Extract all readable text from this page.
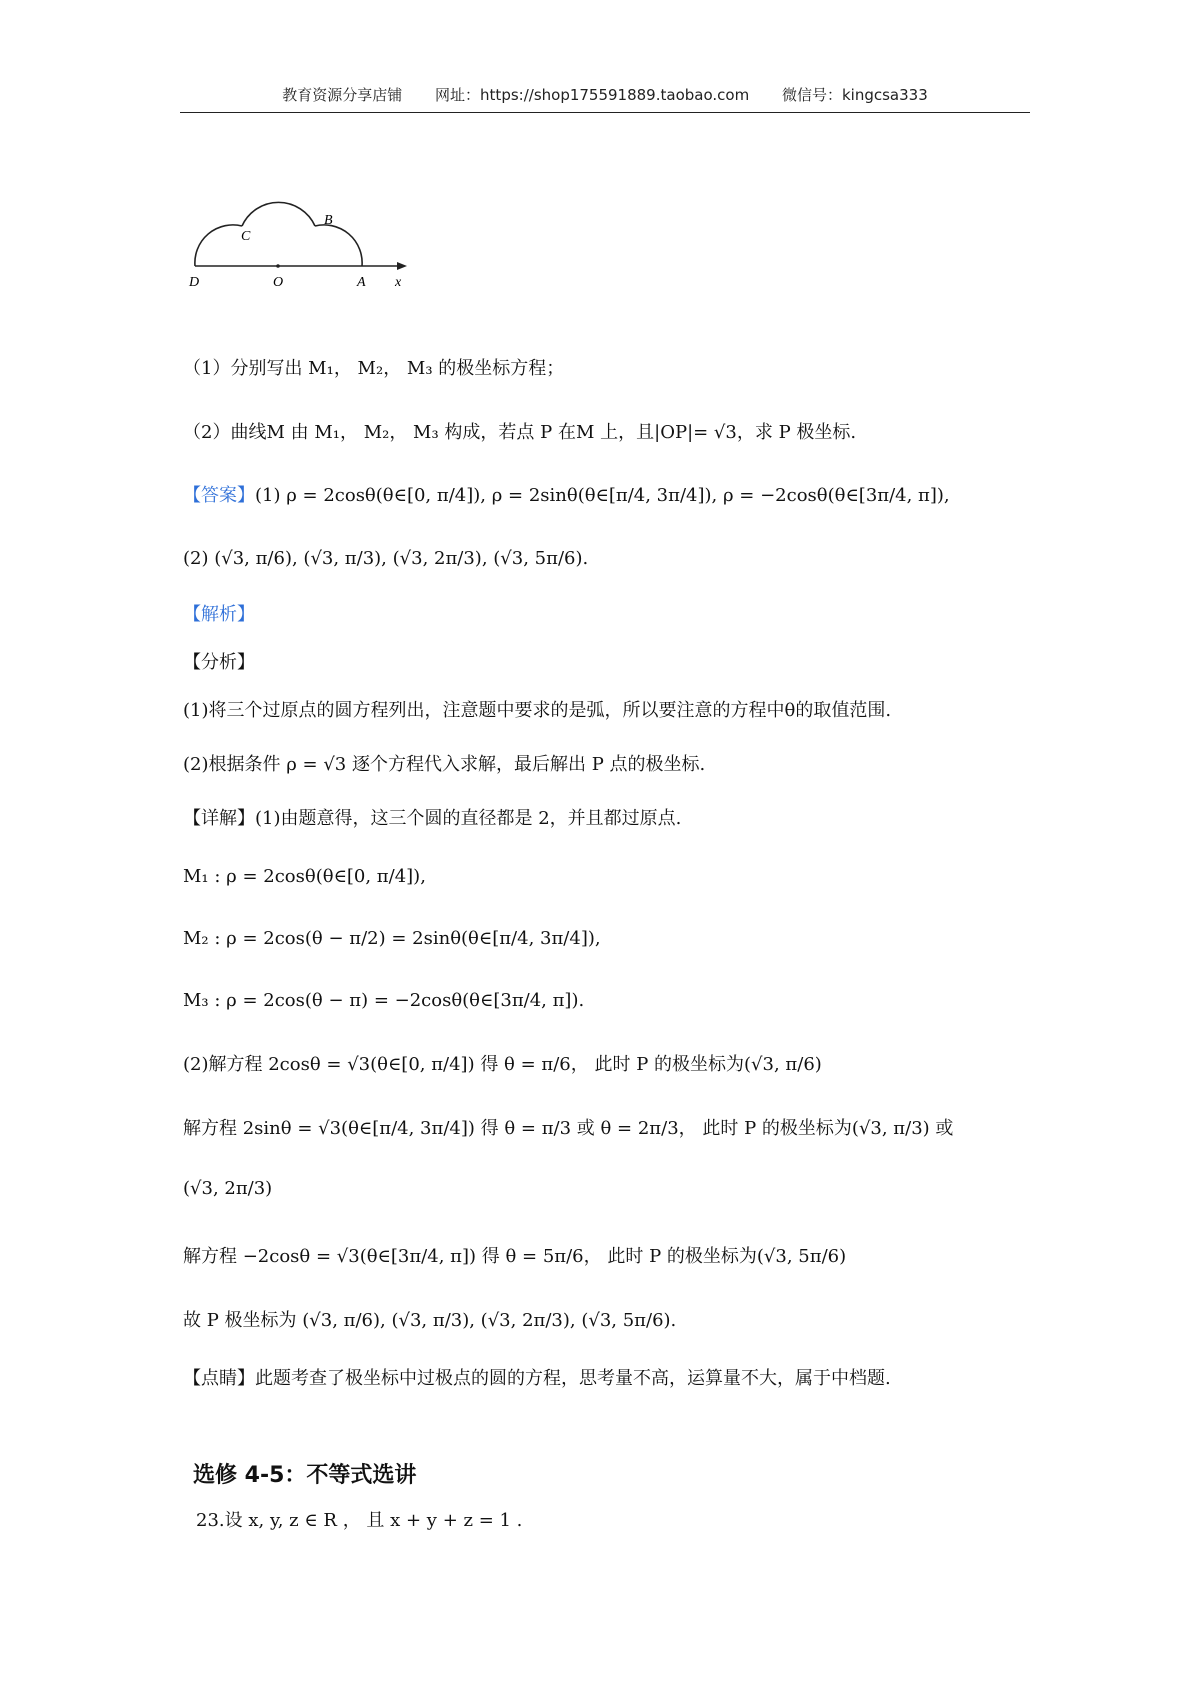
教育资源分享店铺 网址：https://shop175591889.taobao.com 微信号：kingcsa333
D	O	A x
B
C
（1）分别写出 M₁， M₂， M₃ 的极坐标方程；
（2）曲线M 由 M₁， M₂， M₃ 构成，若点 P 在M 上，且|OP|= √3，求 P 极坐标.
【答案】(1) ρ = 2cosθ(θ∈[0, π/4]), ρ = 2sinθ(θ∈[π/4, 3π/4]), ρ = −2cosθ(θ∈[3π/4, π]),
(2) (√3, π/6), (√3, π/3), (√3, 2π/3), (√3, 5π/6).
【解析】
【分析】
(1)将三个过原点的圆方程列出，注意题中要求的是弧，所以要注意的方程中θ的取值范围.
(2)根据条件 ρ = √3 逐个方程代入求解，最后解出 P 点的极坐标.
【详解】(1)由题意得，这三个圆的直径都是 2，并且都过原点.
M₁ : ρ = 2cosθ(θ∈[0, π/4]),
M₂ : ρ = 2cos(θ − π/2) = 2sinθ(θ∈[π/4, 3π/4]),
M₃ : ρ = 2cos(θ − π) = −2cosθ(θ∈[3π/4, π]).
(2)解方程 2cosθ = √3(θ∈[0, π/4]) 得 θ = π/6， 此时 P 的极坐标为(√3, π/6)
解方程 2sinθ = √3(θ∈[π/4, 3π/4]) 得 θ = π/3 或 θ = 2π/3， 此时 P 的极坐标为(√3, π/3) 或
(√3, 2π/3)
解方程 −2cosθ = √3(θ∈[3π/4, π]) 得 θ = 5π/6， 此时 P 的极坐标为(√3, 5π/6)
故 P 极坐标为 (√3, π/6), (√3, π/3), (√3, 2π/3), (√3, 5π/6).
【点睛】此题考查了极坐标中过极点的圆的方程，思考量不高，运算量不大，属于中档题.
选修 4-5：不等式选讲
23.设 x, y, z ∈ R ， 且 x + y + z = 1 .
